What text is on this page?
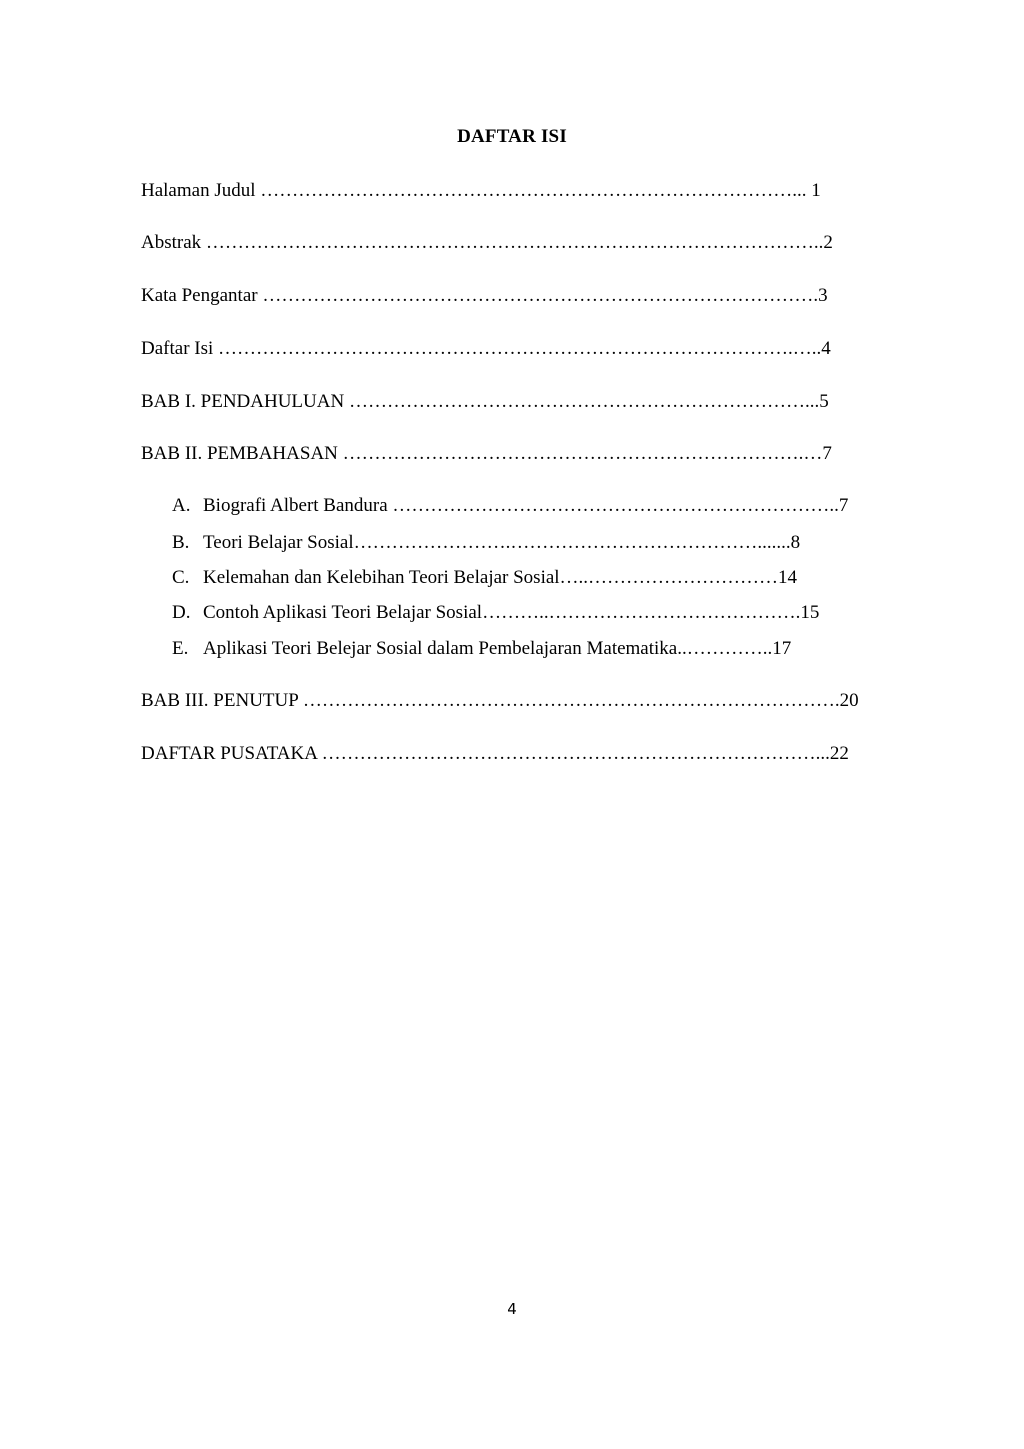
DAFTAR ISI
Halaman Judul …………………………………………………………………………... 1
Abstrak ……………………………………………………………………………………..2
Kata Pengantar …………………………………………………………………………….3
Daftar Isi ……………………………………………………………………………….…..4
BAB I. PENDAHULUAN ………………………………………………………………...5
BAB II. PEMBAHASAN ……………………………………………………………….…7
A. Biografi Albert Bandura ……………………………………………………………..7
B. Teori Belajar Sosial…………………….………………………………….......8
C. Kelemahan dan Kelebihan Teori Belajar Sosial…..…………………………14
D. Contoh Aplikasi Teori Belajar Sosial………..………………………………….15
E. Aplikasi Teori Belejar Sosial dalam Pembelajaran Matematika..…………..17
BAB III. PENUTUP ………………………………………………………………………….20
DAFTAR PUSATAKA ……………………………………………………………………...22
4
